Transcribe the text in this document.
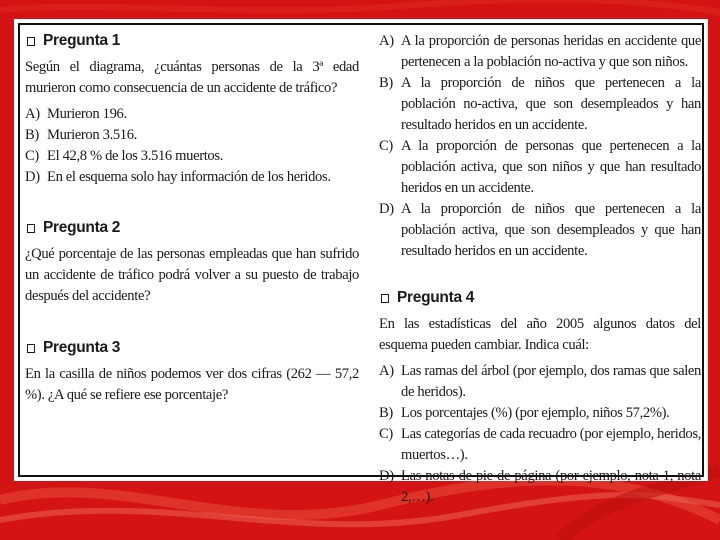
Pregunta 1

Según el diagrama, ¿cuántas personas de la 3ª edad murieron como consecuencia de un accidente de tráfico?

A) Murieron 196.
B) Murieron 3.516.
C) El 42,8 % de los 3.516 muertos.
D) En el esquema solo hay información de los heridos.
Pregunta 2

¿Qué porcentaje de las personas empleadas que han sufrido un accidente de tráfico podrá volver a su puesto de trabajo después del accidente?

Pregunta 3

En la casilla de niños podemos ver dos cifras (262 — 57,2 %). ¿A qué se refiere ese porcentaje?

A) A la proporción de personas heridas en accidente que pertenecen a la población no-activa y que son niños.
B) A la proporción de niños que pertenecen a la población no-activa, que son desempleados y han resultado heridos en un accidente.
C) A la proporción de personas que pertenecen a la población activa, que son niños y que han resultado heridos en un accidente.
D) A la proporción de niños que pertenecen a la población activa, que son desempleados y que han resultado heridos en un accidente.
Pregunta 4

En las estadísticas del año 2005 algunos datos del esquema pueden cambiar. Indica cuál:

A) Las ramas del árbol (por ejemplo, dos ramas que salen de heridos).
B) Los porcentajes (%) (por ejemplo, niños 57,2%).
C) Las categorías de cada recuadro (por ejemplo, heridos, muertos…).
D) Las notas de pie de página (por ejemplo, nota 1, nota 2,…).
